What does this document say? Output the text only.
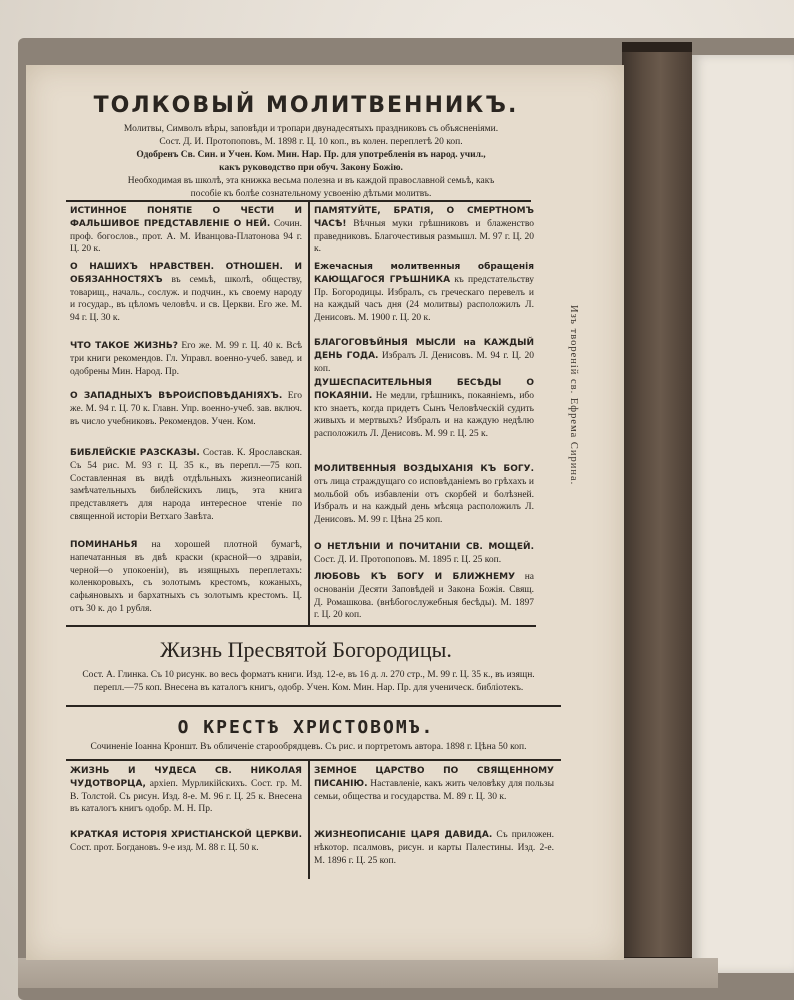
ТОЛКОВЫЙ МОЛИТВЕННИКЪ.
Молитвы, Символъ вѣры, заповѣди и тропари двунадесятыхъ праздниковъ съ объясненіями.
Сост. Д. И. Протопоповъ, М. 1898 г. Ц. 10 коп., въ колен. переплетѣ 20 коп.
Одобренъ Св. Син. и Учен. Ком. Мин. Нар. Пр. для употребленія въ народ. учил.,
какъ руководство при обуч. Закону Божію.
Необходимая въ школѣ, эта книжка весьма полезна и въ каждой православной семьѣ, какъ
пособіе къ болѣе сознательному усвоенію дѣтьми молитвъ.
ИСТИННОЕ ПОНЯТІЕ О ЧЕСТИ И ФАЛЬШИВОЕ ПРЕДСТАВЛЕНІЕ О НЕЙ. Сочин. проф. богослов., прот. А. М. Иванцова-Платонова 94 г. Ц. 20 к.
О НАШИХЪ НРАВСТВЕН. ОТНОШЕН. И ОБЯЗАННОСТЯХЪ въ семьѣ, школѣ, обществу, товарищ., началь., сослуж. и подчин., къ своему народу и государ., въ цѣломъ человѣч. и св. Церкви. Его же. М. 94 г. Ц. 30 к.
ЧТО ТАКОЕ ЖИЗНЬ? Его же. М. 99 г. Ц. 40 к. Всѣ три книги рекомендов. Гл. Управл. военно-учеб. завед. и одобрены Мин. Народ. Пр.
О ЗАПАДНЫХЪ ВѢРОИСПОВѢДАНІЯХЪ. Его же. М. 94 г. Ц. 70 к. Главн. Упр. военно-учеб. зав. включ. въ число учебниковъ. Рекомендов. Учен. Ком.
БИБЛЕЙСКІЕ РАЗСКАЗЫ. Состав. К. Ярославская. Съ 54 рис. М. 93 г. Ц. 35 к., въ перепл.—75 коп. Составленная въ видѣ отдѣльныхъ жизнеописаній замѣчательныхъ библейскихъ лицъ, эта книга представляетъ для народа интересное чтеніе по священной исторіи Ветхаго Завѣта.
ПОМИНАНЬЯ на хорошей плотной бумагѣ, напечатанныя въ двѣ краски (красной—о здравіи, черной—о упокоеніи), въ изящныхъ переплетахъ: коленкоровыхъ, съ золотымъ крестомъ, кожаныхъ, сафьяновыхъ и бархатныхъ съ золотымъ крестомъ. Ц. отъ 30 к. до 1 рубля.
ПАМЯТУЙТЕ, БРАТІЯ, О СМЕРТНОМЪ ЧАСѢ! Вѣчныя муки грѣшниковъ и блаженство праведниковъ. Благочестивыя размышл. М. 97 г. Ц. 20 к.
Ежечасныя молитвенныя обращенія КАЮЩАГОСЯ ГРѢШНИКА къ предстательству Пр. Богородицы. Избралъ, съ греческаго перевелъ и на каждый часъ дня (24 молитвы) расположилъ Л. Денисовъ. М. 1900 г. Ц. 20 к.
БЛАГОГОВѢЙНЫЯ МЫСЛИ на КАЖДЫЙ ДЕНЬ ГОДА. Избралъ Л. Денисовъ. М. 94 г. Ц. 20 коп.
ДУШЕСПАСИТЕЛЬНЫЯ БЕСѢДЫ О ПОКАЯНІИ. Не медли, грѣшникъ, покаяніемъ, ибо кто знаетъ, когда придетъ Сынъ Человѣческій судить живыхъ и мертвыхъ? Избралъ и на каждую недѣлю расположилъ Л. Денисовъ. М. 99 г. Ц. 25 к.
МОЛИТВЕННЫЯ ВОЗДЫХАНІЯ КЪ БОГУ. отъ лица страждущаго со исповѣданіемъ во грѣхахъ и мольбой объ избавленіи отъ скорбей и болѣзней. Избралъ и на каждый день мѣсяца расположилъ Л. Денисовъ. М. 99 г. Цѣна 25 коп.
О НЕТЛѢНІИ И ПОЧИТАНІИ СВ. МОЩЕЙ. Сост. Д. И. Протопоповъ. М. 1895 г. Ц. 25 коп.
ЛЮБОВЬ КЪ БОГУ И БЛИЖНЕМУ на основаніи Десяти Заповѣдей и Закона Божія. Свящ. Д. Ромашкова. (внѣбогослужебныя бесѣды). М. 1897 г. Ц. 20 коп.
Жизнь Пресвятой Богородицы.
Сост. А. Глинка. Съ 10 рисунк. во весь форматъ книги. Изд. 12-е, въ 16 д. л. 270 стр., М. 99 г. Ц. 35 к., въ изящн. перепл.—75 коп. Внесена въ каталогъ книгъ, одобр. Учен. Ком. Мин. Нар. Пр. для ученическ. библіотекъ.
О КРЕСТѢ ХРИСТОВОМЪ.
Сочиненіе Іоанна Кроншт. Въ обличеніе старообрядцевъ. Съ рис. и портретомъ автора. 1898 г. Цѣна 50 коп.
ЖИЗНЬ И ЧУДЕСА СВ. НИКОЛАЯ ЧУДОТВОРЦА, архіеп. Мурликійскихъ. Сост. гр. М. В. Толстой. Съ рисун. Изд. 8-е. М. 96 г. Ц. 25 к. Внесена въ каталогъ книгъ одобр. М. Н. Пр.
КРАТКАЯ ИСТОРІЯ ХРИСТІАНСКОЙ ЦЕРКВИ. Сост. прот. Богдановъ. 9-е изд. М. 88 г. Ц. 50 к.
ЗЕМНОЕ ЦАРСТВО ПО СВЯЩЕННОМУ ПИСАНІЮ. Наставленіе, какъ жить человѣку для пользы семьи, общества и государства. М. 89 г. Ц. 30 к.
ЖИЗНЕОПИСАНІЕ ЦАРЯ ДАВИДА. Съ приложен. нѣкотор. псалмовъ, рисун. и карты Палестины. Изд. 2-е. М. 1896 г. Ц. 25 коп.
Изъ твореній св. Ефрема Сирина.
